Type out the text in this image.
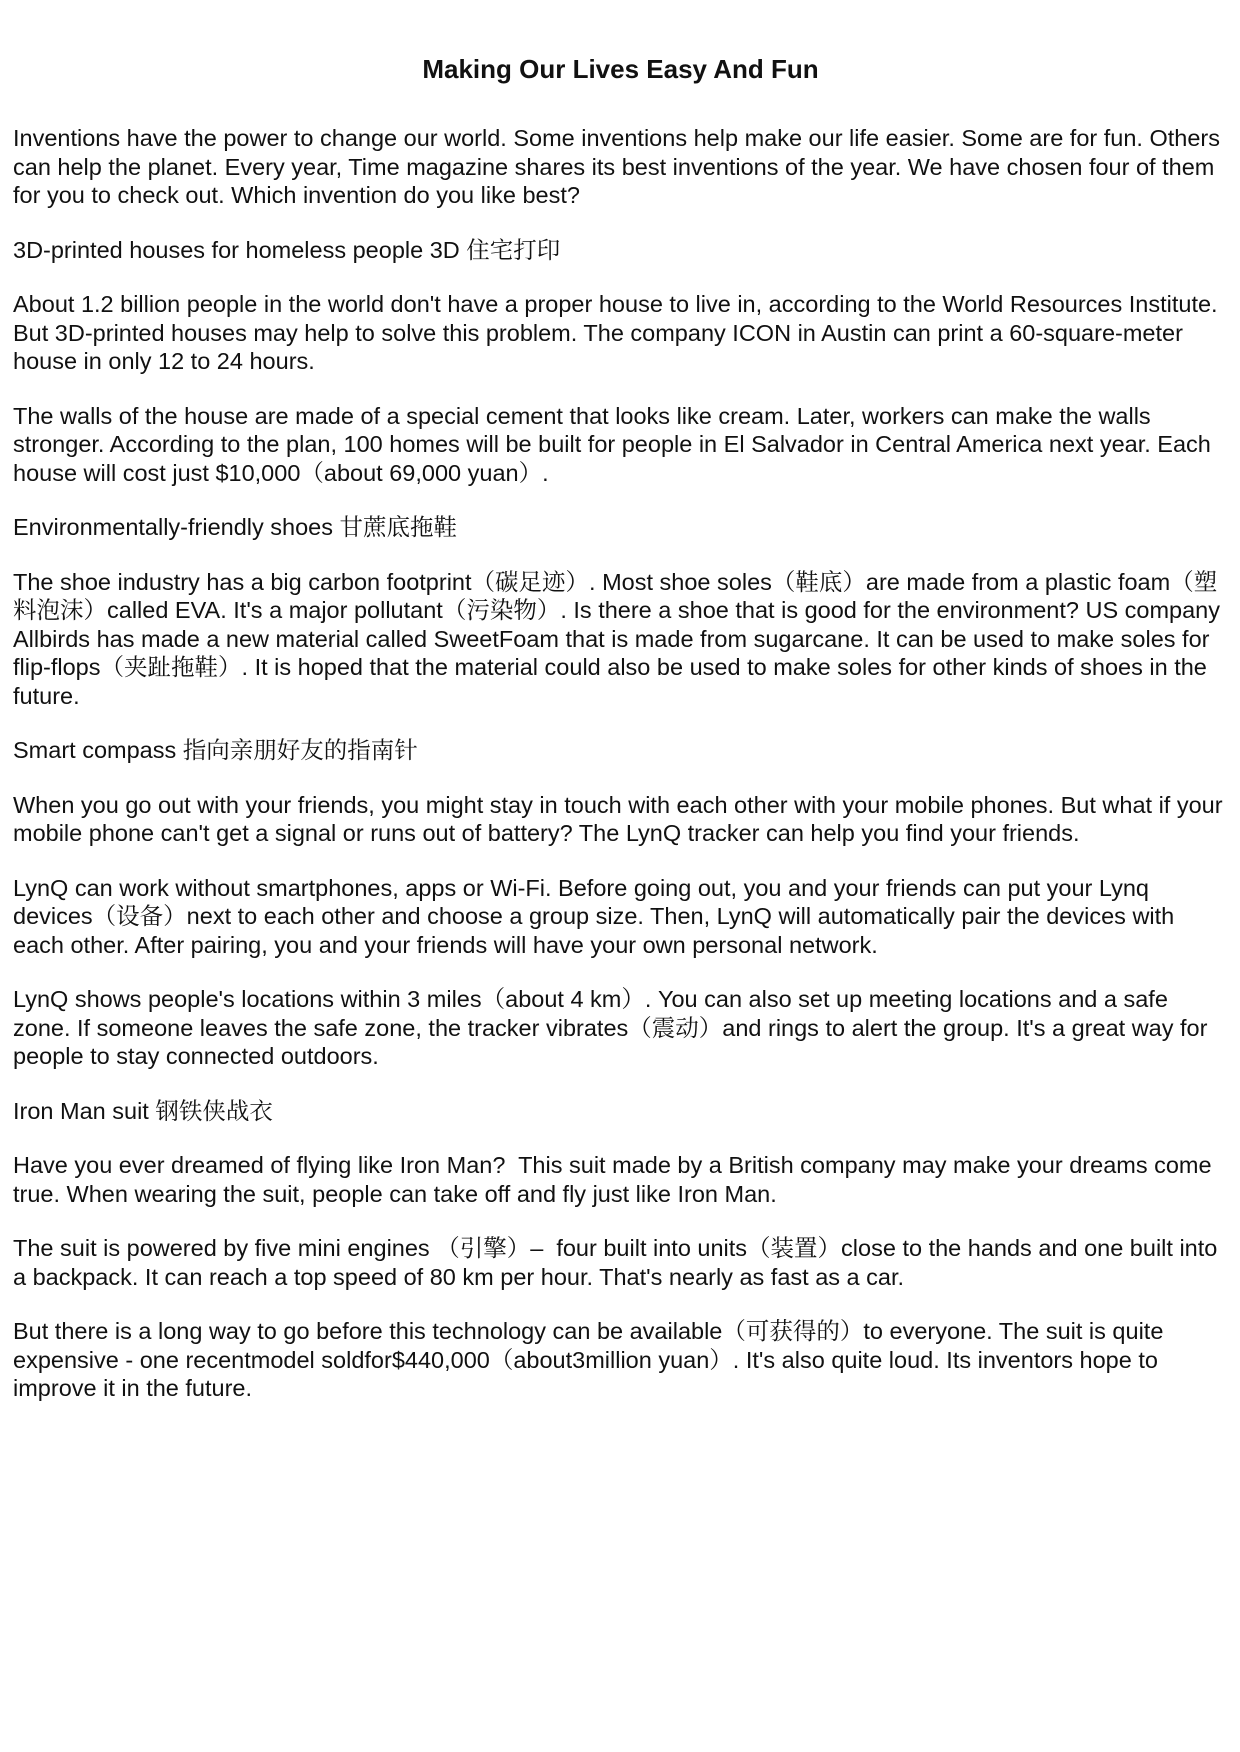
Making Our Lives Easy And Fun

Inventions have the power to change our world. Some inventions help make our life easier. Some are for fun. Others can help the planet. Every year, Time magazine shares its best inventions of the year. We have chosen four of them for you to check out. Which invention do you like best?

3D-printed houses for homeless people 3D 住宅打印

About 1.2 billion people in the world don't have a proper house to live in, according to the World Resources Institute. But 3D-printed houses may help to solve this problem. The company ICON in Austin can print a 60-square-meter house in only 12 to 24 hours.

The walls of the house are made of a special cement that looks like cream. Later, workers can make the walls stronger. According to the plan, 100 homes will be built for people in El Salvador in Central America next year. Each house will cost just $10,000（about 69,000 yuan）.

Environmentally-friendly shoes 甘蔗底拖鞋

The shoe industry has a big carbon footprint（碳足迹）. Most shoe soles（鞋底）are made from a plastic foam（塑料泡沫）called EVA. It's a major pollutant（污染物）. Is there a shoe that is good for the environment? US company Allbirds has made a new material called SweetFoam that is made from sugarcane. It can be used to make soles for flip-flops（夹趾拖鞋）. It is hoped that the material could also be used to make soles for other kinds of shoes in the future.

Smart compass 指向亲朋好友的指南针

When you go out with your friends, you might stay in touch with each other with your mobile phones. But what if your mobile phone can't get a signal or runs out of battery? The LynQ tracker can help you find your friends.

LynQ can work without smartphones, apps or Wi-Fi. Before going out, you and your friends can put your Lynq devices（设备）next to each other and choose a group size. Then, LynQ will automatically pair the devices with each other. After pairing, you and your friends will have your own personal network.

LynQ shows people's locations within 3 miles（about 4 km）. You can also set up meeting locations and a safe zone. If someone leaves the safe zone, the tracker vibrates（震动）and rings to alert the group. It's a great way for people to stay connected outdoors.

Iron Man suit 钢铁侠战衣

Have you ever dreamed of flying like Iron Man?  This suit made by a British company may make your dreams come true. When wearing the suit, people can take off and fly just like Iron Man.

The suit is powered by five mini engines （引擎）–  four built into units（装置）close to the hands and one built into a backpack. It can reach a top speed of 80 km per hour. That's nearly as fast as a car.

But there is a long way to go before this technology can be available（可获得的）to everyone. The suit is quite expensive - one recentmodel soldfor$440,000（about3million yuan）. It's also quite loud. Its inventors hope to improve it in the future.
